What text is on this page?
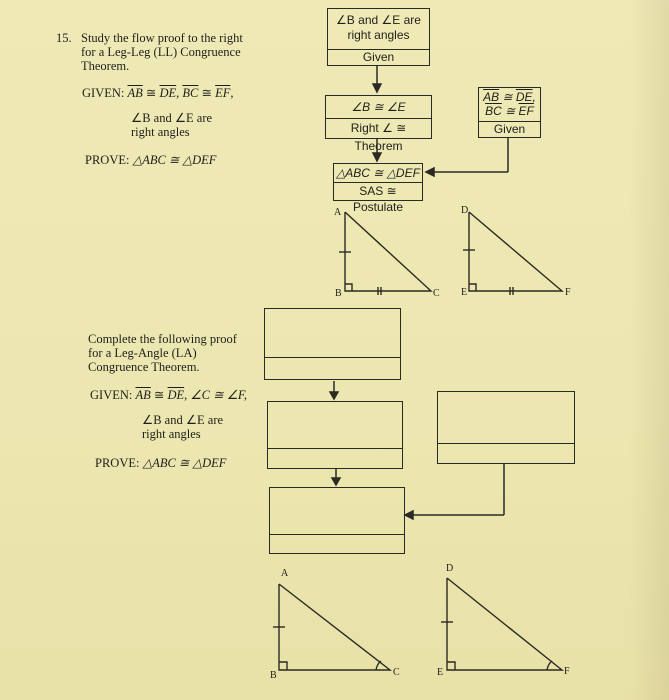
15. Study the flow proof to the right
for a Leg-Leg (LL) Congruence
Theorem.
GIVEN: $\overline{AB}$ ≅ $\overline{DE}$, $\overline{BC}$ ≅ $\overline{EF}$,
∠B and ∠E are
right angles
PROVE: △ABC ≅ △DEF
∠B and ∠E are
right angles
Given
∠B ≅ ∠E
Right ∠ ≅ Theorem
$\overline{AB}$ ≅ $\overline{DE}$,
$\overline{BC}$ ≅ $\overline{EF}$
Given
△ABC ≅ △DEF
SAS ≅ Postulate
A
B	C
D
E	F
Complete the following proof
for a Leg-Angle (LA)
Congruence Theorem.
GIVEN: $\overline{AB}$ ≅ $\overline{DE}$, ∠C ≅ ∠F,
∠B and ∠E are
right angles
PROVE: △ABC ≅ △DEF
A
B	C
D
E	F
